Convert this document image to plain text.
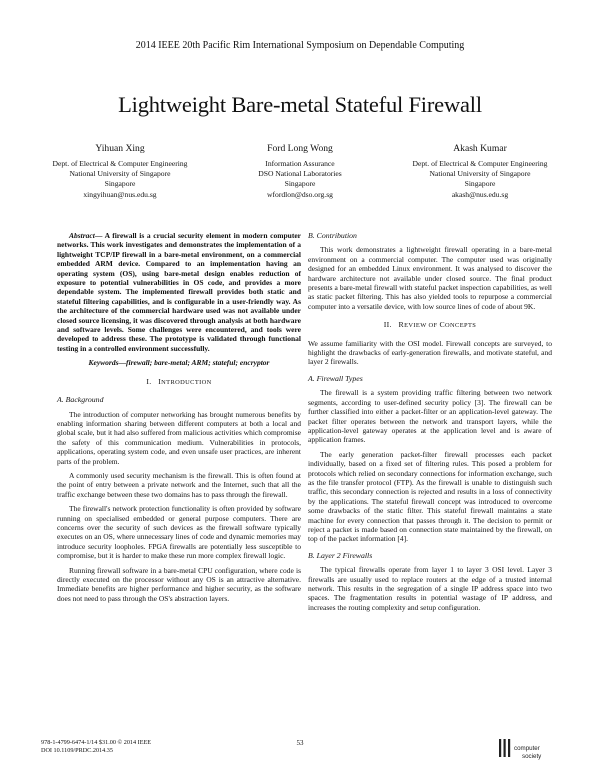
2014 IEEE 20th Pacific Rim International Symposium on Dependable Computing
Lightweight Bare-metal Stateful Firewall
Yihuan Xing
Dept. of Electrical & Computer Engineering
National University of Singapore
Singapore
xingyihuan@nus.edu.sg
Ford Long Wong
Information Assurance
DSO National Laboratories
Singapore
wfordlon@dso.org.sg
Akash Kumar
Dept. of Electrical & Computer Engineering
National University of Singapore
Singapore
akash@nus.edu.sg

Abstract— A firewall is a crucial security element in modern computer networks. This work investigates and demonstrates the implementation of a lightweight TCP/IP firewall in a bare-metal environment, on a commercial embedded ARM device. Compared to an implementation having an operating system (OS), using bare-metal design enables reduction of exposure to potential vulnerabilities in OS code, and provides a more dependable system. The implemented firewall provides both static and stateful filtering capabilities, and is configurable in a user-friendly way. As the architecture of the commercial hardware used was not available under closed source licensing, it was discovered through analysis at both hardware and software levels. Some challenges were encountered, and tools were developed to address these. The prototype is validated through functional testing in a controlled environment successfully.

Keywords—firewall; bare-metal; ARM; stateful; encryptor

I. INTRODUCTION
A. Background

The introduction of computer networking has brought numerous benefits by enabling information sharing between different computers at both a local and global scale, but it had also suffered from malicious activities which compromise the safety of this communication medium. Vulnerabilities in protocols, applications, operating system code, and even unsafe user practices, are inherent parts of the problem.

A commonly used security mechanism is the firewall. This is often found at the point of entry between a private network and the Internet, such that all the traffic exchange between these two domains has to pass through the firewall.

The firewall's network protection functionality is often provided by software running on specialised embedded or general purpose computers. There are concerns over the security of such devices as the firewall software typically executes on an OS, where unnecessary lines of code and dynamic memories may introduce security loopholes. FPGA firewalls are potentially less susceptible to compromise, but it is harder to make these run more complex firewall logic.

Running firewall software in a bare-metal CPU configuration, where code is directly executed on the processor without any OS is an attractive alternative. Immediate benefits are higher performance and higher security, as the software does not need to pass through the OS's abstraction layers.

B. Contribution

This work demonstrates a lightweight firewall operating in a bare-metal environment on a commercial computer. The computer used was originally designed for an embedded Linux environment. It was analysed to discover the hardware architecture not available under closed source. The final product presents a bare-metal firewall with stateful packet inspection capabilities, as well as static packet filtering. This has also yielded tools to repurpose a commercial computer into a versatile device, with low source lines of code of about 9K.

II. REVIEW OF CONCEPTS

We assume familiarity with the OSI model. Firewall concepts are surveyed, to highlight the drawbacks of early-generation firewalls, and motivate stateful, and layer 2 firewalls.

A. Firewall Types

The firewall is a system providing traffic filtering between two network segments, according to user-defined security policy [3]. The firewall can be further classified into either a packet-filter or an application-level gateway. The packet filter operates between the network and transport layers, while the application-level gateway operates at the application level and is aware of application frames.

The early generation packet-filter firewall processes each packet individually, based on a fixed set of filtering rules. This posed a problem for protocols which relied on secondary connections for information exchange, such as the file transfer protocol (FTP). As the firewall is unable to distinguish such traffic, this secondary connection is rejected and results in a loss of connectivity by the applications. The stateful firewall concept was introduced to overcome some drawbacks of the static filter. This stateful firewall maintains a state machine for every connection that passes through it. The decision to permit or reject a packet is made based on connection state maintained by the firewall, on top of the packet information [4].

B. Layer 2 Firewalls

The typical firewalls operate from layer 1 to layer 3 OSI level. Layer 3 firewalls are usually used to replace routers at the edge of a trusted internal network. This results in the segregation of a single IP address space into two spaces. The fragmentation results in potential wastage of IP address, and increases the routing complexity and setup configuration.

978-1-4799-6474-1/14 $31.00 © 2014 IEEE
DOI 10.1109/PRDC.2014.35
53
computer
society
